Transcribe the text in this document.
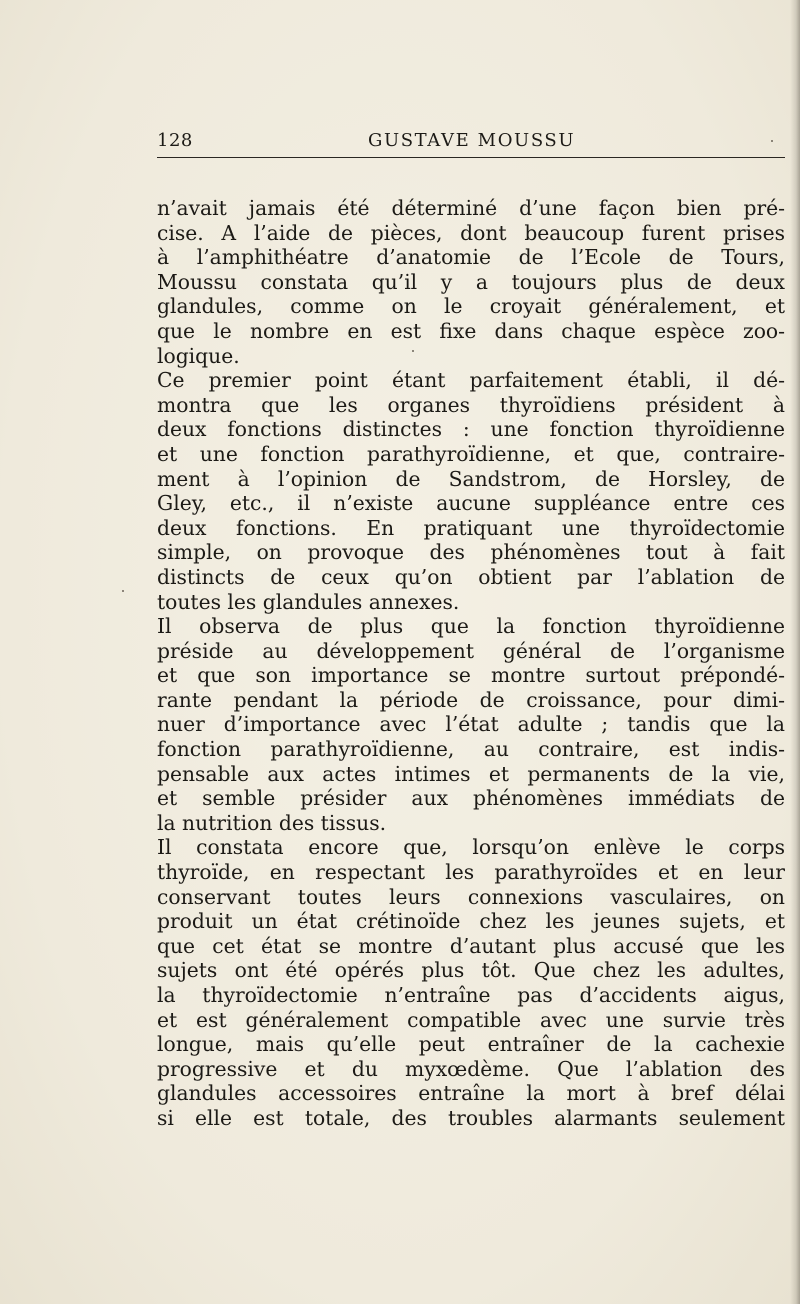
128	GUSTAVE MOUSSU
n’avait jamais été déterminé d’une façon bien pré-
cise. A l’aide de pièces, dont beaucoup furent prises
à l’amphithéatre d’anatomie de l’Ecole de Tours,
Moussu constata qu’il y a toujours plus de deux
glandules, comme on le croyait généralement, et
que le nombre en est fixe dans chaque espèce zoo-
logique.
Ce premier point étant parfaitement établi, il dé-
montra que les organes thyroïdiens président à
deux fonctions distinctes : une fonction thyroïdienne
et une fonction parathyroïdienne, et que, contraire-
ment à l’opinion de Sandstrom, de Horsley, de
Gley, etc., il n’existe aucune suppléance entre ces
deux fonctions. En pratiquant une thyroïdectomie
simple, on provoque des phénomènes tout à fait
distincts de ceux qu’on obtient par l’ablation de
toutes les glandules annexes.
Il observa de plus que la fonction thyroïdienne
préside au développement général de l’organisme
et que son importance se montre surtout prépondé-
rante pendant la période de croissance, pour dimi-
nuer d’importance avec l’état adulte ; tandis que la
fonction parathyroïdienne, au contraire, est indis-
pensable aux actes intimes et permanents de la vie,
et semble présider aux phénomènes immédiats de
la nutrition des tissus.
Il constata encore que, lorsqu’on enlève le corps
thyroïde, en respectant les parathyroïdes et en leur
conservant toutes leurs connexions vasculaires, on
produit un état crétinoïde chez les jeunes sujets, et
que cet état se montre d’autant plus accusé que les
sujets ont été opérés plus tôt. Que chez les adultes,
la thyroïdectomie n’entraîne pas d’accidents aigus,
et est généralement compatible avec une survie très
longue, mais qu’elle peut entraîner de la cachexie
progressive et du myxœdème. Que l’ablation des
glandules accessoires entraîne la mort à bref délai
si elle est totale, des troubles alarmants seulement
